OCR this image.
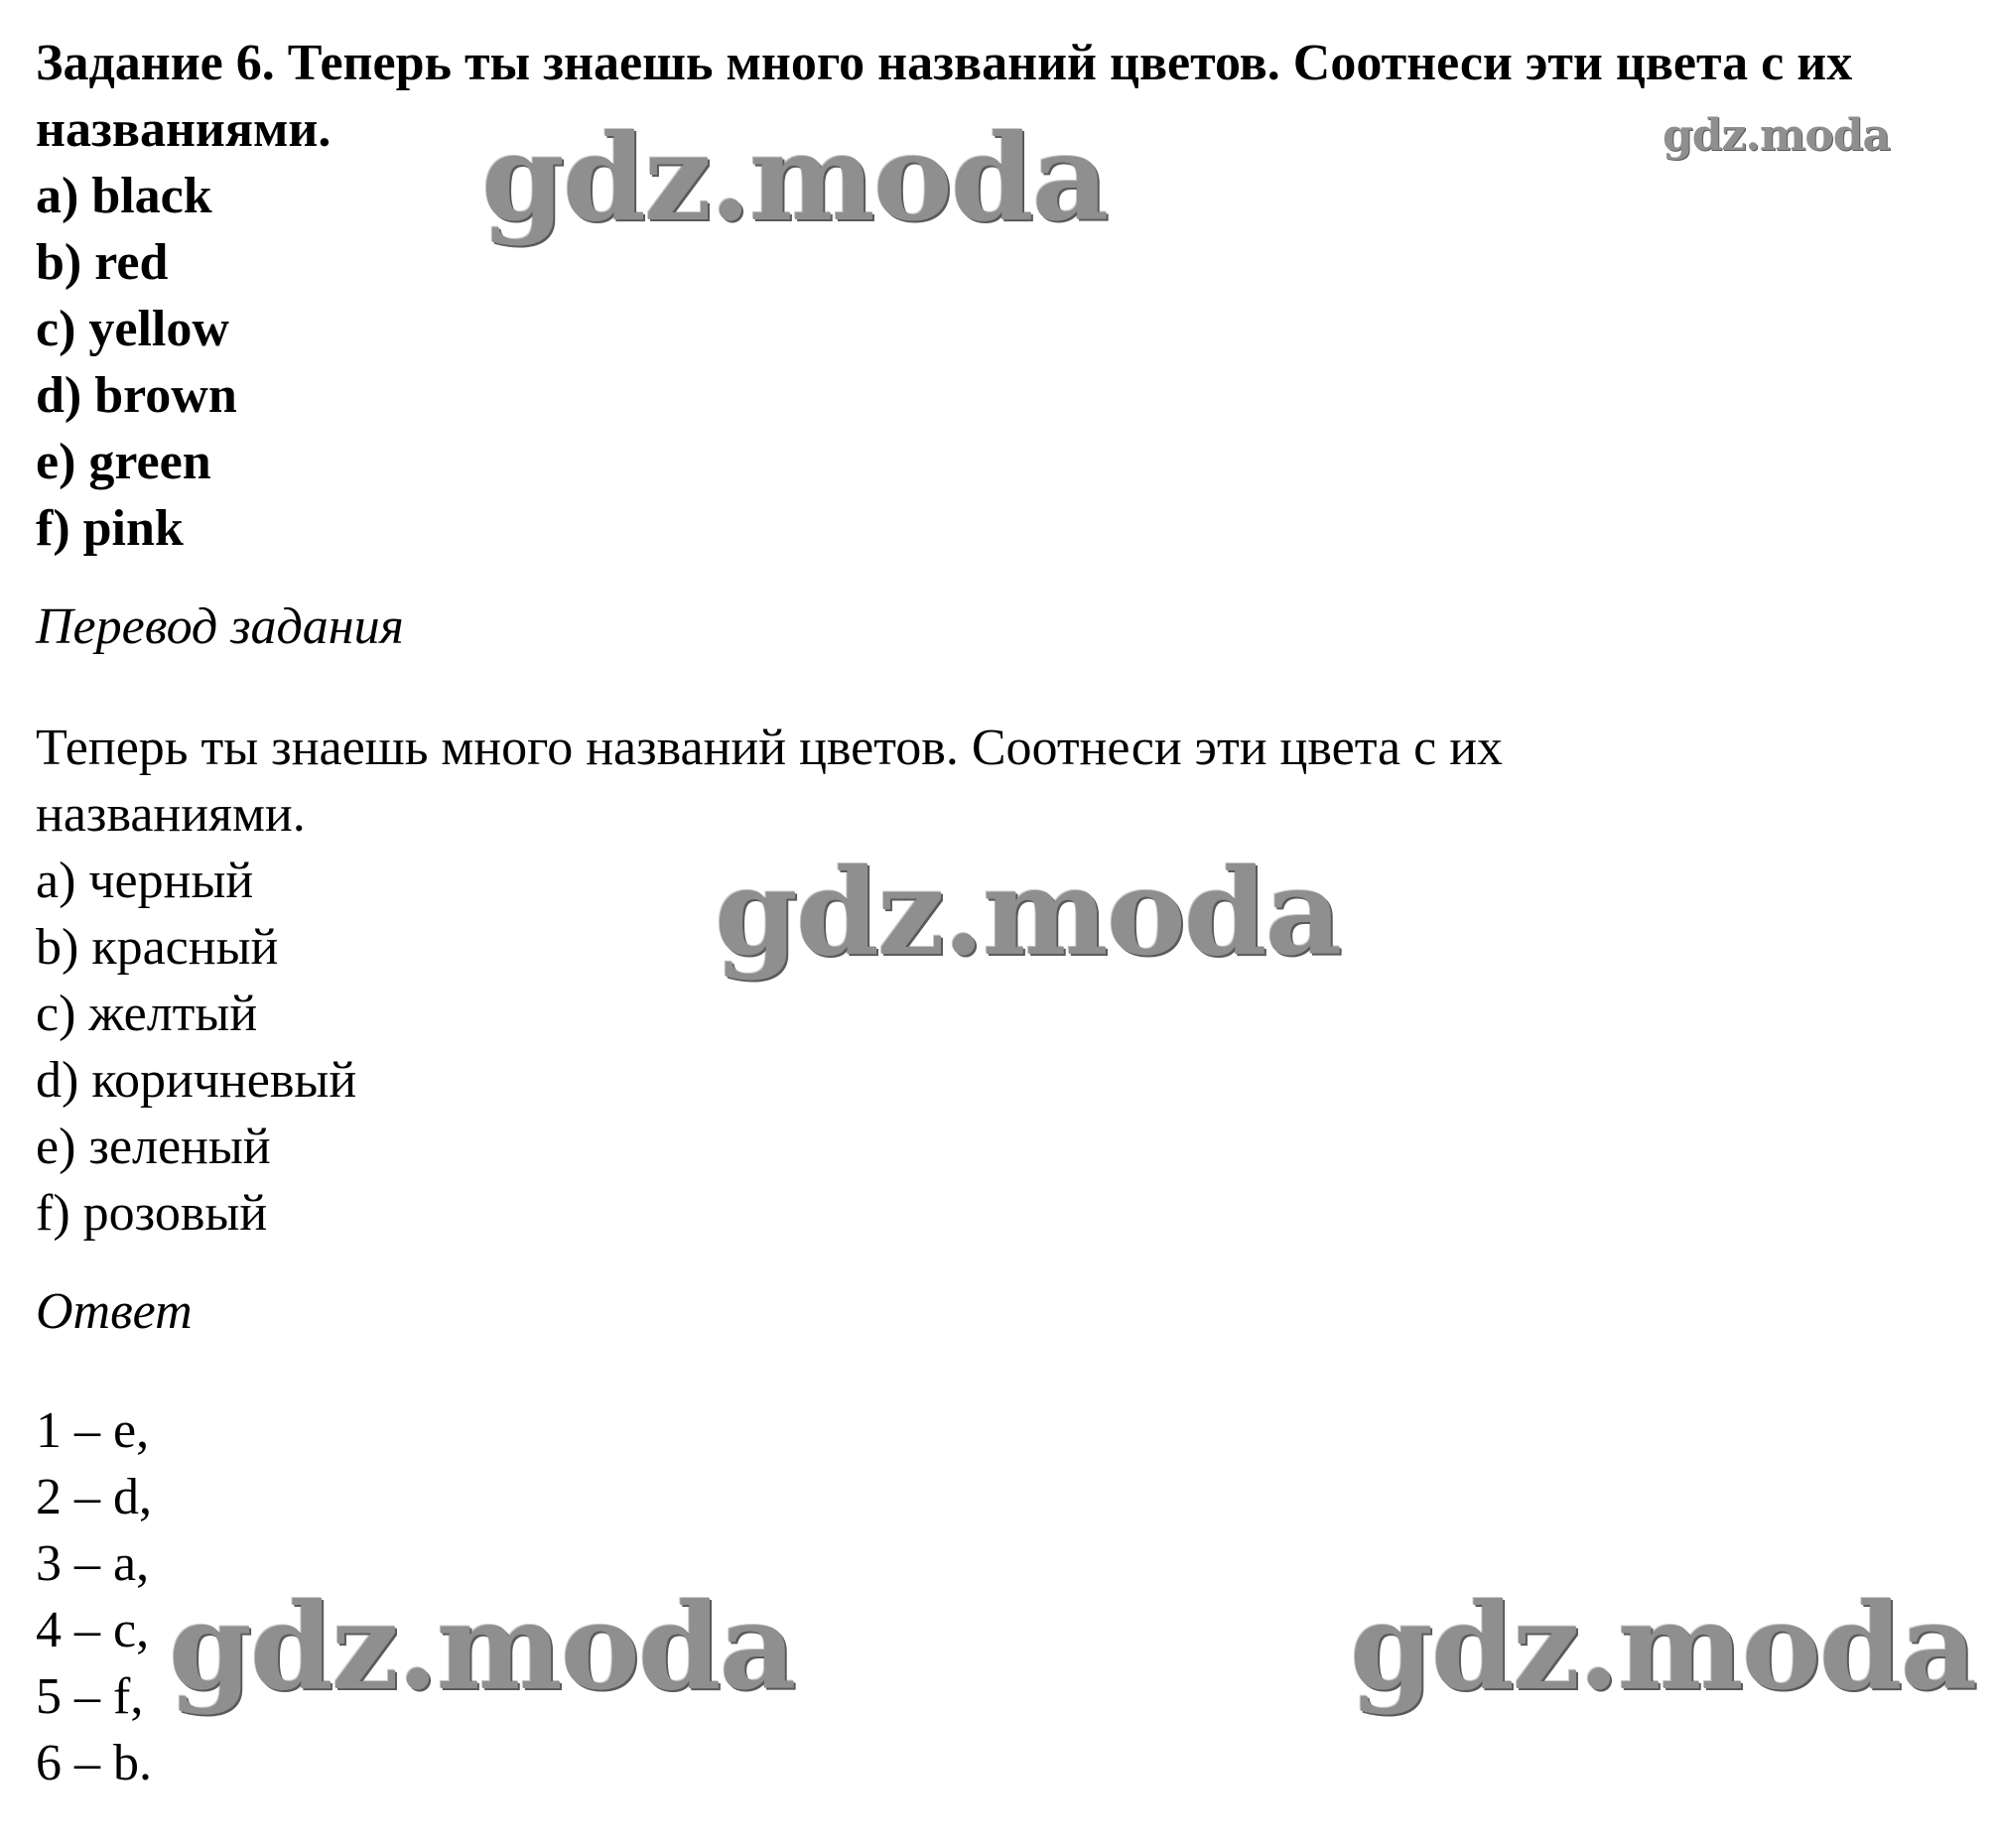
Задание 6. Теперь ты знаешь много названий цветов. Соотнеси эти цвета с их названиями.

a) black
b) red
c) yellow
d) brown
e) green
f) pink

Перевод задания

Теперь ты знаешь много названий цветов. Соотнеси эти цвета с их названиями.

a) черный
b) красный
c) желтый
d) коричневый
e) зеленый
f) розовый

Ответ

1 – e,
2 – d,
3 – a,
4 – c,
5 – f,
6 – b.
gdz.moda	gdz.moda
gdz.moda
gdz.moda	gdz.moda
